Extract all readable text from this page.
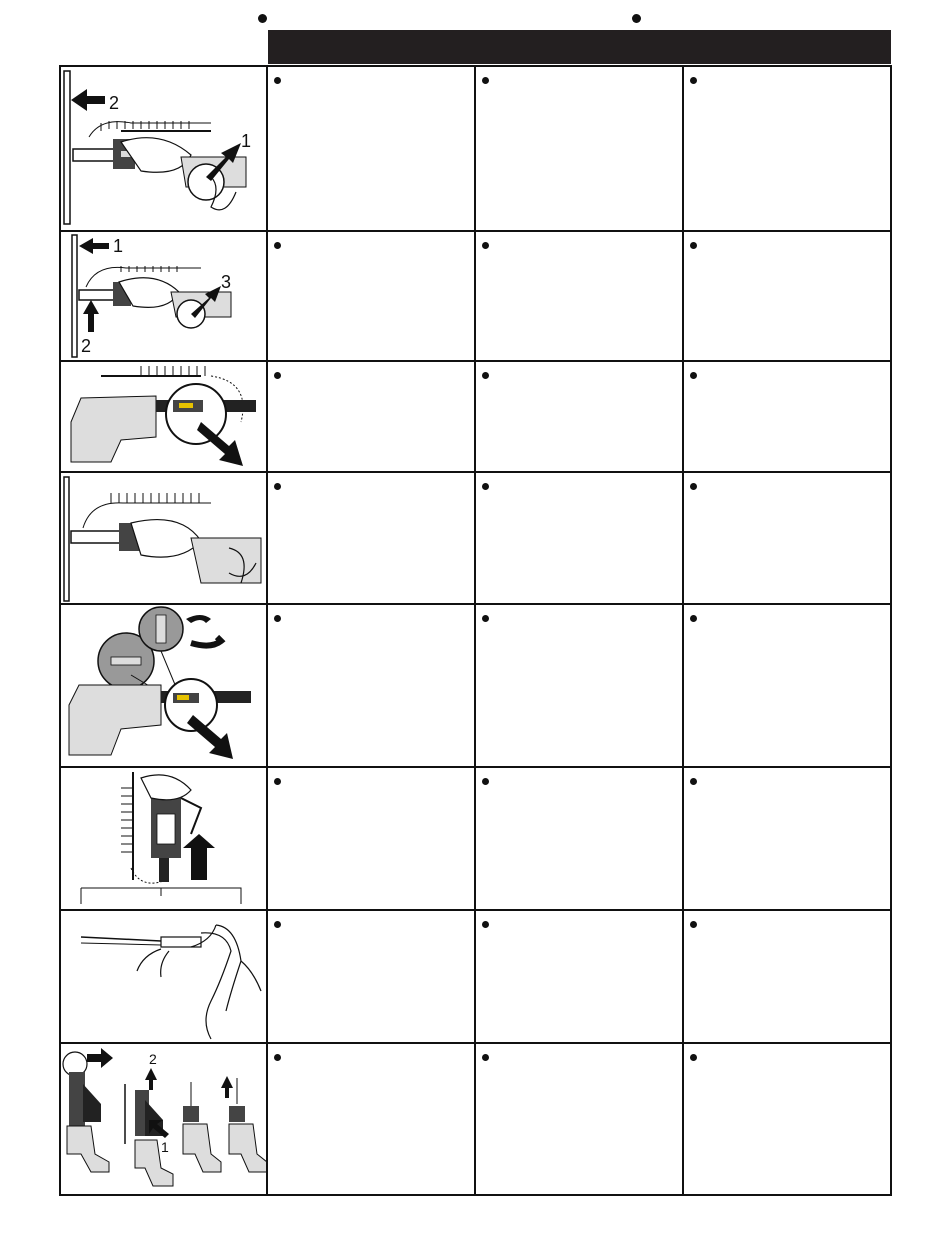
2
1
1
3
2
2
1
